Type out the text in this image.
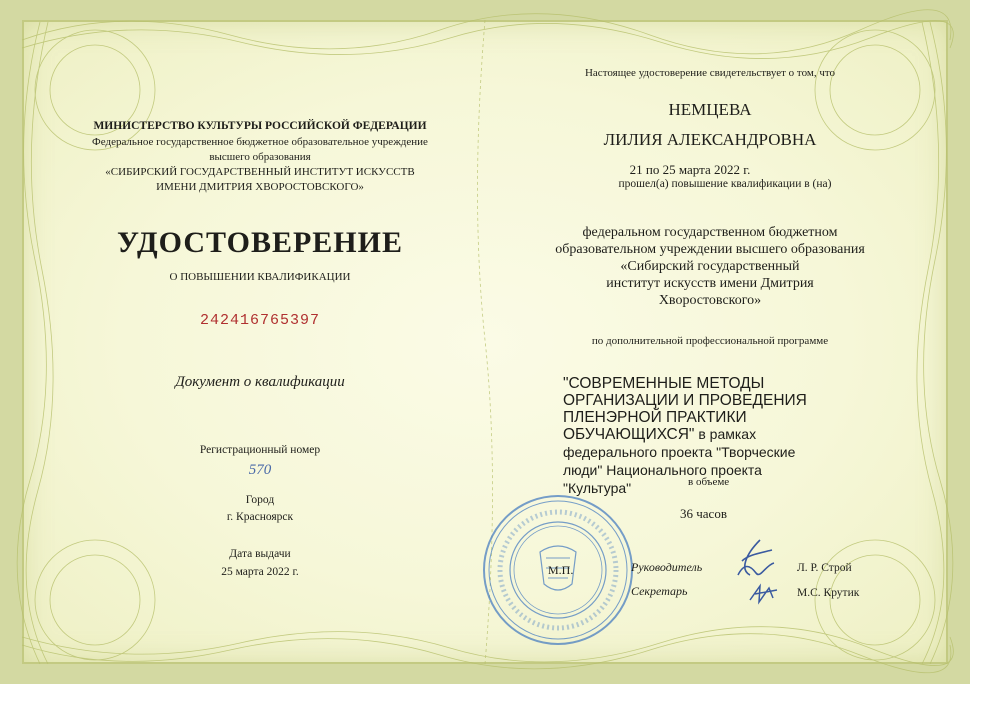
МИНИСТЕРСТВО КУЛЬТУРЫ РОССИЙСКОЙ ФЕДЕРАЦИИ

Федеральное государственное бюджетное образовательное учреждение

высшего образования

«СИБИРСКИЙ ГОСУДАРСТВЕННЫЙ ИНСТИТУТ ИСКУССТВ

ИМЕНИ ДМИТРИЯ ХВОРОСТОВСКОГО»

УДОСТОВЕРЕНИЕ

О ПОВЫШЕНИИ КВАЛИФИКАЦИИ

242416765397

Документ о квалификации

Регистрационный номер

570

Город

г. Красноярск

Дата выдачи

25 марта 2022 г.

Настоящее удостоверение свидетельствует о том, что

НЕМЦЕВА

ЛИЛИЯ АЛЕКСАНДРОВНА

21 по 25 марта 2022 г.

прошел(а) повышение квалификации в (на)

федеральном государственном бюджетном

образовательном учреждении высшего образования

«Сибирский государственный

институт искусств имени Дмитрия

Хворостовского»

по дополнительной профессиональной программе

"СОВРЕМЕННЫЕ МЕТОДЫ

ОРГАНИЗАЦИИ И ПРОВЕДЕНИЯ

ПЛЕНЭРНОЙ ПРАКТИКИ

ОБУЧАЮЩИХСЯ" в рамках

федерального проекта "Творческие

люди" Национального проекта

"Культура"	в объеме

36 часов

М.П.	Руководитель	Л. Р. Строй

Секретарь	М.С. Крутик
